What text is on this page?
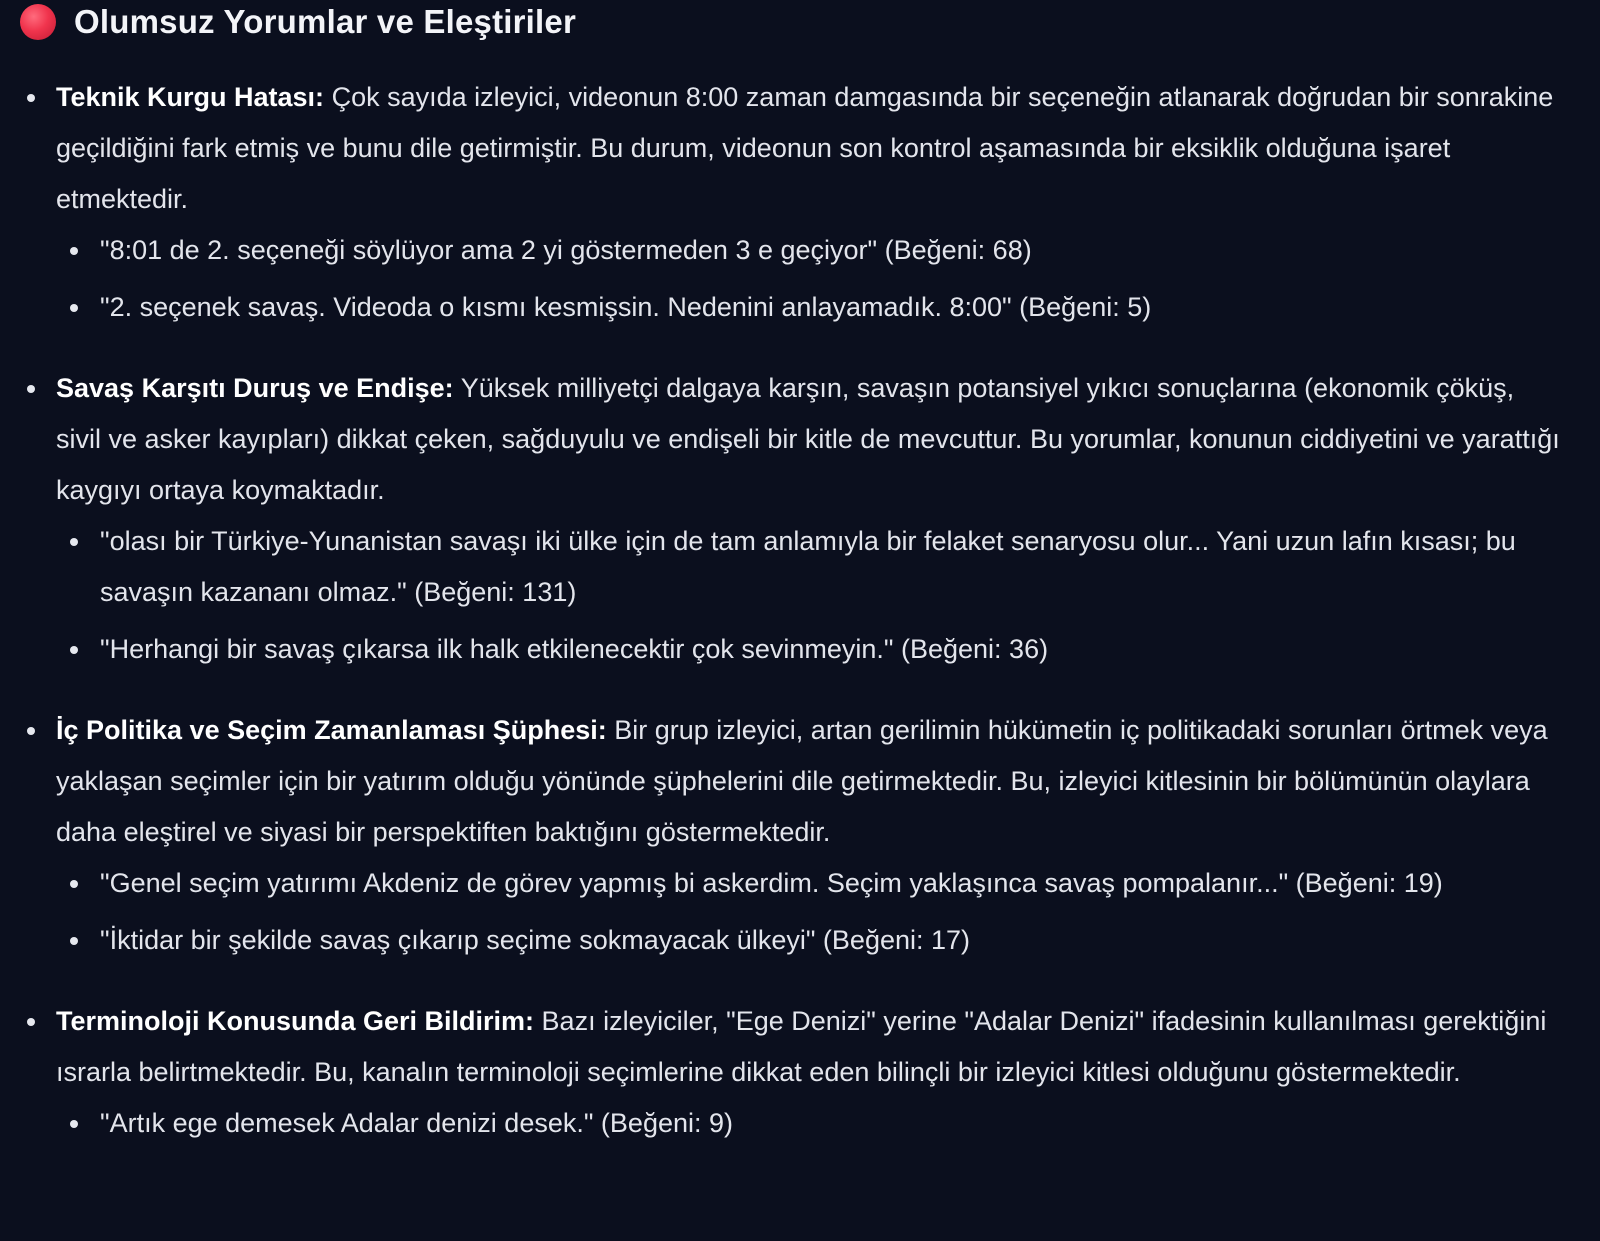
Olumsuz Yorumlar ve Eleştiriler

Teknik Kurgu Hatası: Çok sayıda izleyici, videonun 8:00 zaman damgasında bir seçeneğin atlanarak doğrudan bir sonrakine geçildiğini fark etmiş ve bunu dile getirmiştir. Bu durum, videonun son kontrol aşamasında bir eksiklik olduğuna işaret etmektedir.

"8:01 de 2. seçeneği söylüyor ama 2 yi göstermeden 3 e geçiyor" (Beğeni: 68)
"2. seçenek savaş. Videoda o kısmı kesmişsin. Nedenini anlayamadık. 8:00" (Beğeni: 5)

Savaş Karşıtı Duruş ve Endişe: Yüksek milliyetçi dalgaya karşın, savaşın potansiyel yıkıcı sonuçlarına (ekonomik çöküş, sivil ve asker kayıpları) dikkat çeken, sağduyulu ve endişeli bir kitle de mevcuttur. Bu yorumlar, konunun ciddiyetini ve yarattığı kaygıyı ortaya koymaktadır.

"olası bir Türkiye-Yunanistan savaşı iki ülke için de tam anlamıyla bir felaket senaryosu olur... Yani uzun lafın kısası; bu savaşın kazananı olmaz." (Beğeni: 131)
"Herhangi bir savaş çıkarsa ilk halk etkilenecektir çok sevinmeyin." (Beğeni: 36)

İç Politika ve Seçim Zamanlaması Şüphesi: Bir grup izleyici, artan gerilimin hükümetin iç politikadaki sorunları örtmek veya yaklaşan seçimler için bir yatırım olduğu yönünde şüphelerini dile getirmektedir. Bu, izleyici kitlesinin bir bölümünün olaylara daha eleştirel ve siyasi bir perspektiften baktığını göstermektedir.

"Genel seçim yatırımı Akdeniz de görev yapmış bi askerdim. Seçim yaklaşınca savaş pompalanır..." (Beğeni: 19)
"İktidar bir şekilde savaş çıkarıp seçime sokmayacak ülkeyi" (Beğeni: 17)

Terminoloji Konusunda Geri Bildirim: Bazı izleyiciler, "Ege Denizi" yerine "Adalar Denizi" ifadesinin kullanılması gerektiğini ısrarla belirtmektedir. Bu, kanalın terminoloji seçimlerine dikkat eden bilinçli bir izleyici kitlesi olduğunu göstermektedir.

"Artık ege demesek Adalar denizi desek." (Beğeni: 9)
